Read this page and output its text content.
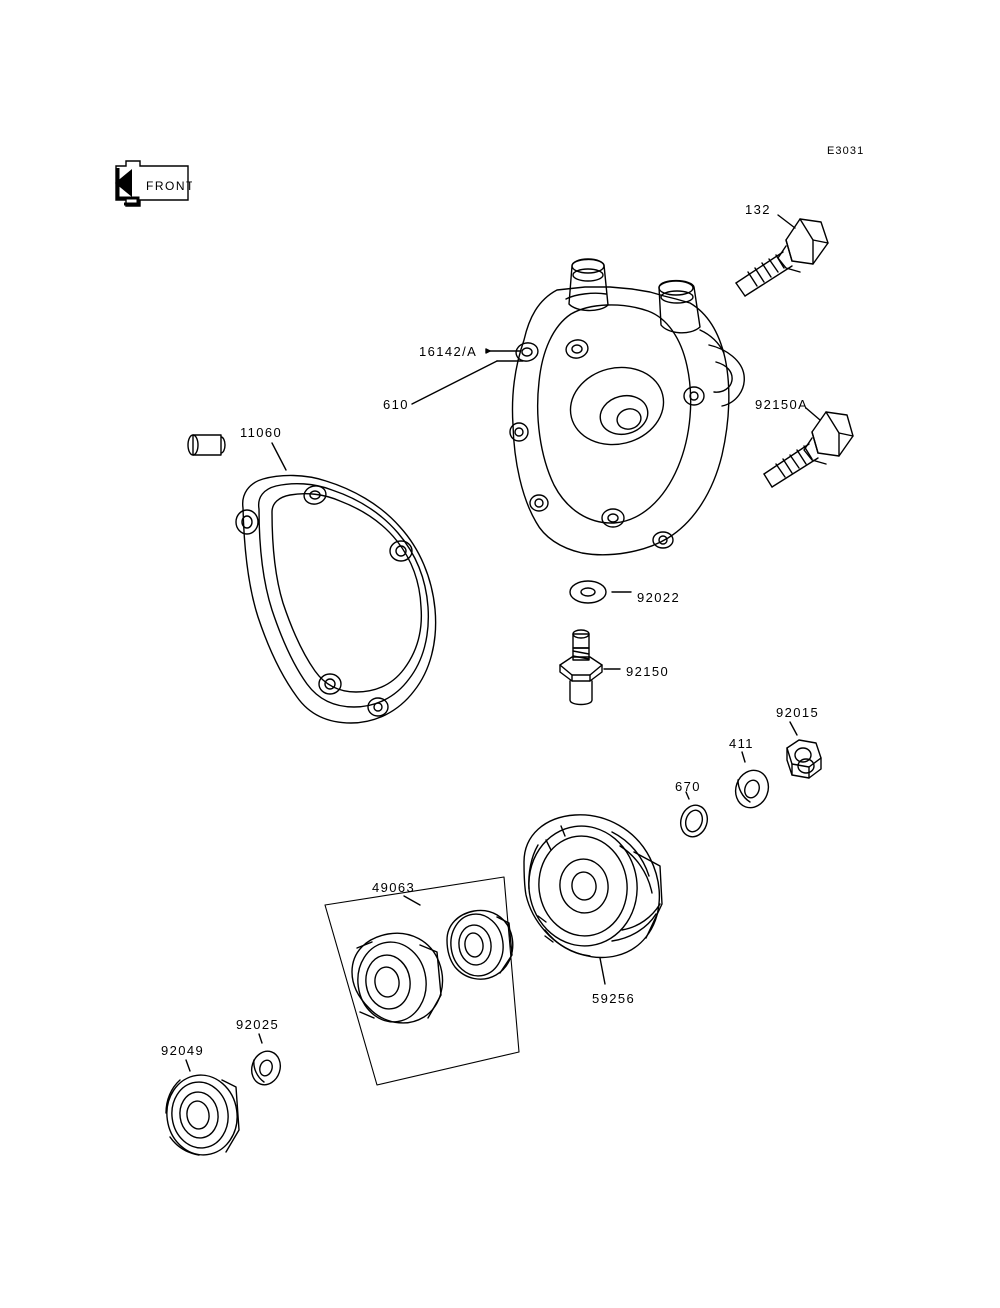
E3031
FRONT
132
16142/A
610	92150A
11060
92022
92150
92015
411
670
49063
59256
92025
92049
